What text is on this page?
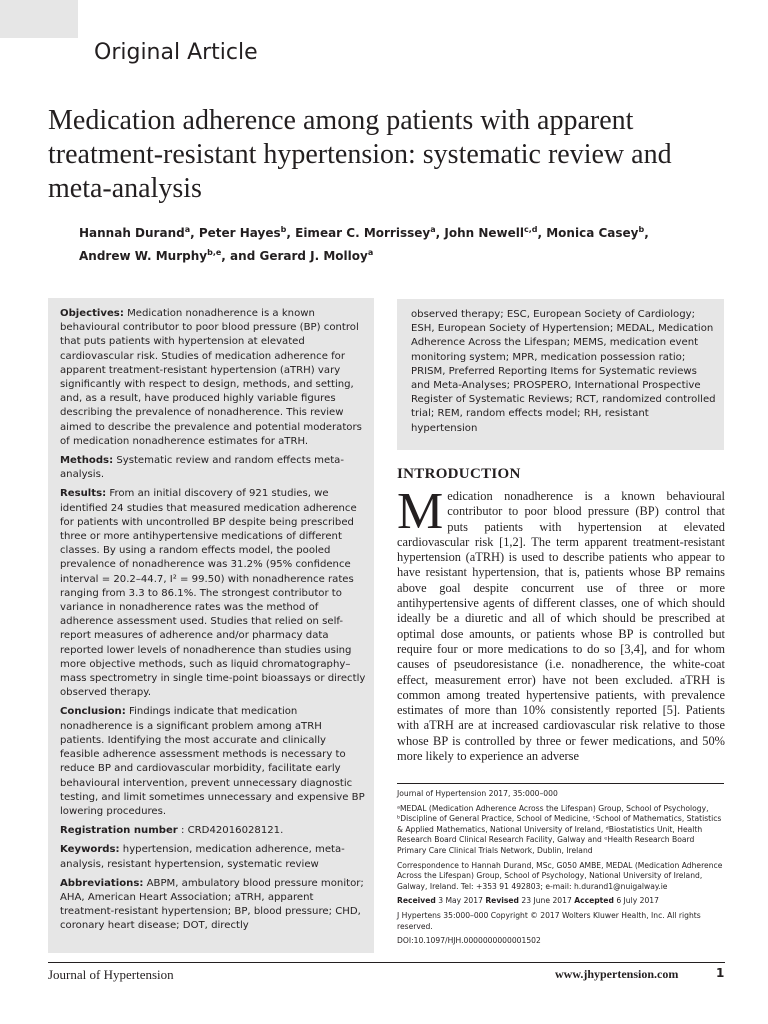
Original Article
Medication adherence among patients with apparent treatment-resistant hypertension: systematic review and meta-analysis
Hannah Durand$^a$, Peter Hayes$^b$, Eimear C. Morrissey$^a$, John Newell$^{c,d}$, Monica Casey$^b$,
Andrew W. Murphy$^{b,e}$, and Gerard J. Molloy$^a$

Objectives: Medication nonadherence is a known behavioural contributor to poor blood pressure (BP) control that puts patients with hypertension at elevated cardiovascular risk. Studies of medication adherence for apparent treatment-resistant hypertension (aTRH) vary significantly with respect to design, methods, and setting, and, as a result, have produced highly variable figures describing the prevalence of nonadherence. This review aimed to describe the prevalence and potential moderators of medication nonadherence estimates for aTRH.

Methods: Systematic review and random effects meta-analysis.

Results: From an initial discovery of 921 studies, we identified 24 studies that measured medication adherence for patients with uncontrolled BP despite being prescribed three or more antihypertensive medications of different classes. By using a random effects model, the pooled prevalence of nonadherence was 31.2% (95% confidence interval = 20.2–44.7, I² = 99.50) with nonadherence rates ranging from 3.3 to 86.1%. The strongest contributor to variance in nonadherence rates was the method of adherence assessment used. Studies that relied on self-report measures of adherence and/or pharmacy data reported lower levels of nonadherence than studies using more objective methods, such as liquid chromatography–mass spectrometry in single time-point bioassays or directly observed therapy.

Conclusion: Findings indicate that medication nonadherence is a significant problem among aTRH patients. Identifying the most accurate and clinically feasible adherence assessment methods is necessary to reduce BP and cardiovascular morbidity, facilitate early behavioural intervention, prevent unnecessary diagnostic testing, and limit sometimes unnecessary and expensive BP lowering procedures.

Registration number : CRD42016028121.

Keywords: hypertension, medication adherence, meta-analysis, resistant hypertension, systematic review

Abbreviations: ABPM, ambulatory blood pressure monitor; AHA, American Heart Association; aTRH, apparent treatment-resistant hypertension; BP, blood pressure; CHD, coronary heart disease; DOT, directly

observed therapy; ESC, European Society of Cardiology; ESH, European Society of Hypertension; MEDAL, Medication Adherence Across the Lifespan; MEMS, medication event monitoring system; MPR, medication possession ratio; PRISM, Preferred Reporting Items for Systematic reviews and Meta-Analyses; PROSPERO, International Prospective Register of Systematic Reviews; RCT, randomized controlled trial; REM, random effects model; RH, resistant hypertension
INTRODUCTION
Medication nonadherence is a known behavioural contributor to poor blood pressure (BP) control that puts patients with hypertension at elevated cardiovascular risk [1,2]. The term apparent treatment-resistant hypertension (aTRH) is used to describe patients who appear to have resistant hypertension, that is, patients whose BP remains above goal despite concurrent use of three or more antihypertensive agents of different classes, one of which should ideally be a diuretic and all of which should be prescribed at optimal dose amounts, or patients whose BP is controlled but require four or more medications to do so [3,4], and for whom causes of pseudoresistance (i.e. nonadherence, the white-coat effect, measurement error) have not been excluded. aTRH is common among treated hypertensive patients, with prevalence estimates of more than 10% consistently reported [5]. Patients with aTRH are at increased cardiovascular risk relative to those whose BP is controlled by three or fewer medications, and 50% more likely to experience an adverse

Journal of Hypertension 2017, 35:000–000

ᵃMEDAL (Medication Adherence Across the Lifespan) Group, School of Psychology, ᵇDiscipline of General Practice, School of Medicine, ᶜSchool of Mathematics, Statistics & Applied Mathematics, National University of Ireland, ᵈBiostatistics Unit, Health Research Board Clinical Research Facility, Galway and ᵉHealth Research Board Primary Care Clinical Trials Network, Dublin, Ireland

Correspondence to Hannah Durand, MSc, G050 AMBE, MEDAL (Medication Adherence Across the Lifespan) Group, School of Psychology, National University of Ireland, Galway, Ireland. Tel: +353 91 492803; e-mail: h.durand1@nuigalway.ie

Received 3 May 2017 Revised 23 June 2017 Accepted 6 July 2017

J Hypertens 35:000–000 Copyright © 2017 Wolters Kluwer Health, Inc. All rights reserved.

DOI:10.1097/HJH.0000000000001502

Journal of Hypertension	www.jhypertension.com	1
